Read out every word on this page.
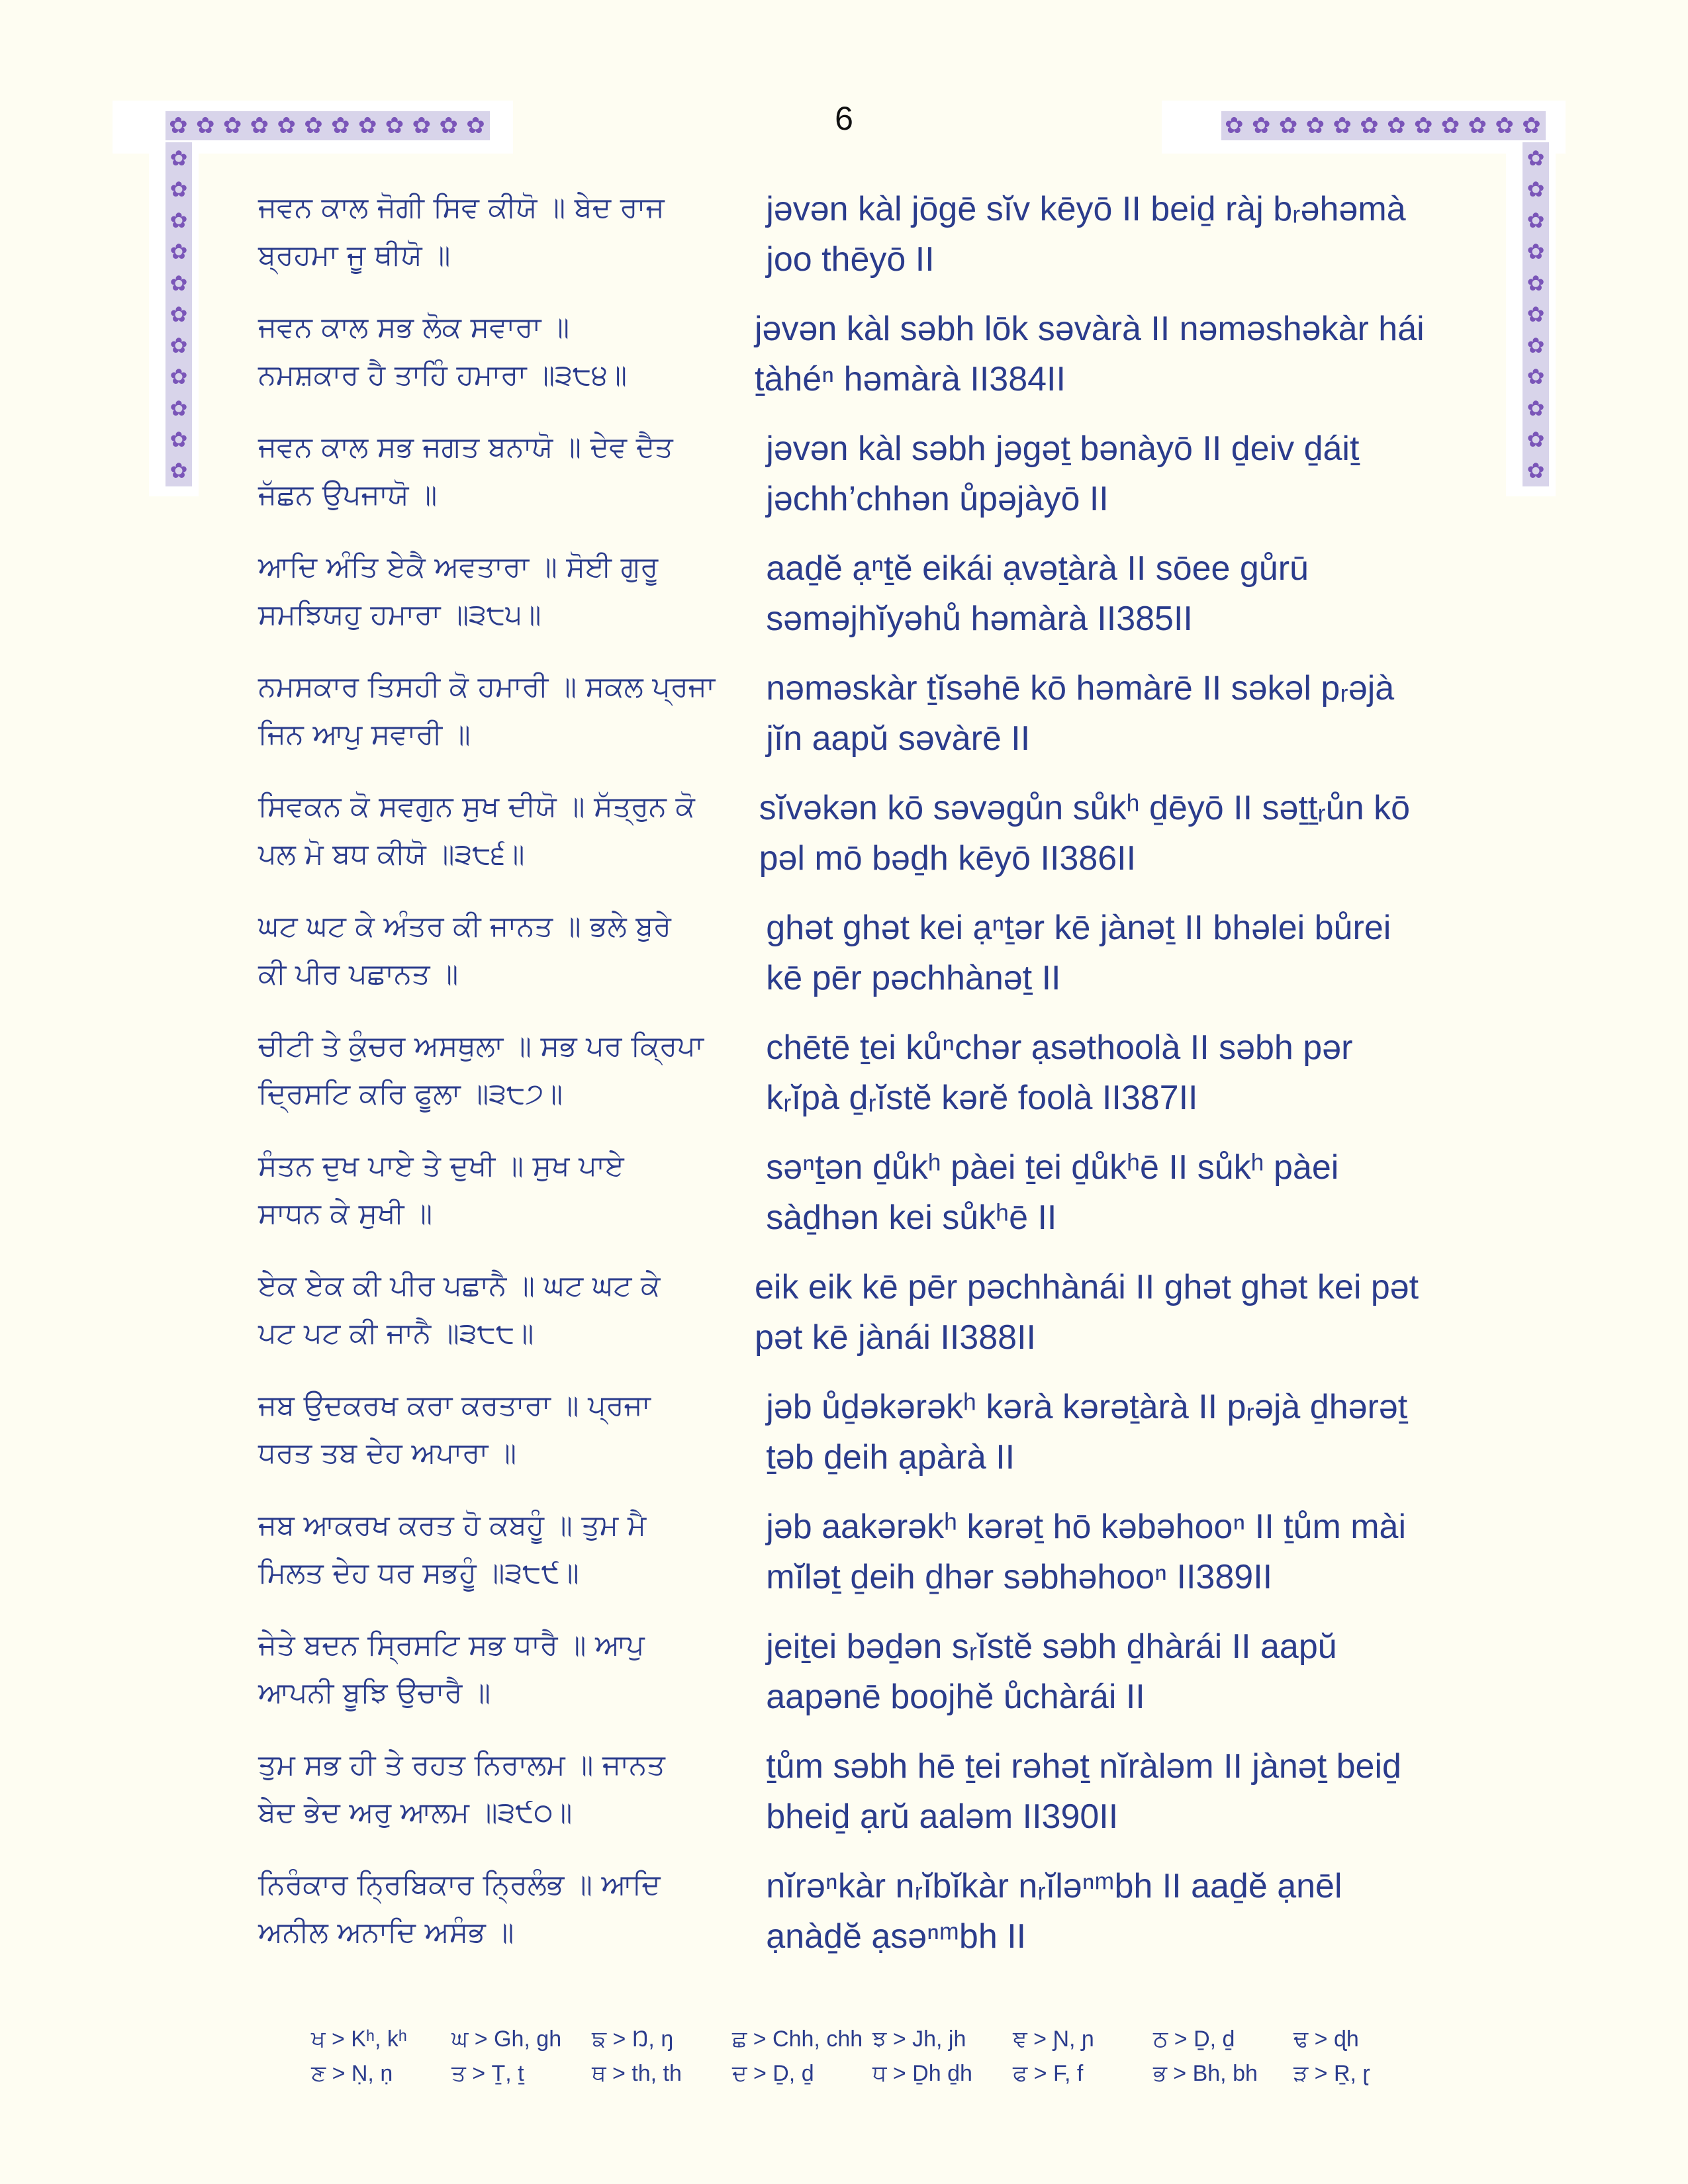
✿ ✿ ✿ ✿ ✿ ✿ ✿ ✿ ✿ ✿ ✿ ✿
✿
✿
✿
✿
✿
✿
✿
✿
✿
✿
✿
✿ ✿ ✿ ✿ ✿ ✿ ✿ ✿ ✿ ✿ ✿ ✿
✿
✿
✿
✿
✿
✿
✿
✿
✿
✿
✿
6
ਜਵਨ ਕਾਲ ਜੋਗੀ ਸਿਵ ਕੀਯੋ ॥ ਬੇਦ ਰਾਜ
ਬ੍ਰਹਮਾ ਜੂ ਥੀਯੋ ॥
jəvən kàl jōgē sĭv kēyō II beiḏ ràj bᵣəhəmà
joo thēyō II
ਜਵਨ ਕਾਲ ਸਭ ਲੋਕ ਸਵਾਰਾ ॥
ਨਮਸ਼ਕਾਰ ਹੈ ਤਾਹਿੰ ਹਮਾਰਾ ॥੩੮੪॥
jəvən kàl səbh lōk səvàrà II nəməshəkàr hái
ṯàhéⁿ həmàrà II384II
ਜਵਨ ਕਾਲ ਸਭ ਜਗਤ ਬਨਾਯੋ ॥ ਦੇਵ ਦੈਤ
ਜੱਛਨ ਉਪਜਾਯੋ ॥
jəvən kàl səbh jəgəṯ bənàyō II ḏeiv ḏáiṯ
jəchh’chhən ůpəjàyō II
ਆਦਿ ਅੰਤਿ ਏਕੈ ਅਵਤਾਰਾ ॥ ਸੋਈ ਗੁਰੂ
ਸਮਝਿਯਹੁ ਹਮਾਰਾ ॥੩੮੫॥
aaḏĕ ạⁿṯĕ eikái ạvəṯàrà II sōee gůrū
səməjhĭyəhů həmàrà II385II
ਨਮਸਕਾਰ ਤਿਸਹੀ ਕੋ ਹਮਾਰੀ ॥ ਸਕਲ ਪ੍ਰਜਾ
ਜਿਨ ਆਪੁ ਸਵਾਰੀ ॥
nəməskàr ṯĭsəhē kō həmàrē II səkəl pᵣəjà
jĭn aapŭ səvàrē II
ਸਿਵਕਨ ਕੋ ਸਵਗੁਨ ਸੁਖ ਦੀਯੋ ॥ ਸੱਤ੍ਰੁਨ ਕੋ
ਪਲ ਮੋ ਬਧ ਕੀਯੋ ॥੩੮੬॥
sĭvəkən kō səvəgůn sůkʰ ḏēyō II səṯṯᵣůn kō
pəl mō bəḏh kēyō II386II
ਘਟ ਘਟ ਕੇ ਅੰਤਰ ਕੀ ਜਾਨਤ ॥ ਭਲੇ ਬੁਰੇ
ਕੀ ਪੀਰ ਪਛਾਨਤ ॥
ghət ghət kei ạⁿṯər kē jànəṯ II bhəlei bůrei
kē pēr pəchhànəṯ II
ਚੀਟੀ ਤੇ ਕੁੰਚਰ ਅਸਥੁਲਾ ॥ ਸਭ ਪਰ ਕ੍ਰਿਪਾ
ਦ੍ਰਿਸਟਿ ਕਰਿ ਫੂਲਾ ॥੩੮੭॥
chētē ṯei kůⁿchər ạsəthoolà II səbh pər
kᵣĭpà ḏᵣĭstĕ kərĕ foolà II387II
ਸੰਤਨ ਦੁਖ ਪਾਏ ਤੇ ਦੁਖੀ ॥ ਸੁਖ ਪਾਏ
ਸਾਧਨ ਕੇ ਸੁਖੀ ॥
səⁿṯən ḏůkʰ pàei ṯei ḏůkʰē II sůkʰ pàei
sàḏhən kei sůkʰē II
ਏਕ ਏਕ ਕੀ ਪੀਰ ਪਛਾਨੈ ॥ ਘਟ ਘਟ ਕੇ
ਪਟ ਪਟ ਕੀ ਜਾਨੈ ॥੩੮੮॥
eik eik kē pēr pəchhànái II ghət ghət kei pət
pət kē jànái II388II
ਜਬ ਉਦਕਰਖ ਕਰਾ ਕਰਤਾਰਾ ॥ ਪ੍ਰਜਾ
ਧਰਤ ਤਬ ਦੇਹ ਅਪਾਰਾ ॥
jəb ůḏəkərəkʰ kərà kərəṯàrà II pᵣəjà ḏhərəṯ
ṯəb ḏeih ạpàrà II
ਜਬ ਆਕਰਖ ਕਰਤ ਹੋ ਕਬਹੂੰ ॥ ਤੁਮ ਮੈ
ਮਿਲਤ ਦੇਹ ਧਰ ਸਭਹੂੰ ॥੩੮੯॥
jəb aakərəkʰ kərəṯ hō kəbəhooⁿ II ṯům mài
mĭləṯ ḏeih ḏhər səbhəhooⁿ II389II
ਜੇਤੇ ਬਦਨ ਸ੍ਰਿਸਟਿ ਸਭ ਧਾਰੈ ॥ ਆਪੁ
ਆਪਨੀ ਬੂਝਿ ਉਚਾਰੈ ॥
jeiṯei bəḏən sᵣĭstĕ səbh ḏhàrái II aapŭ
aapənē boojhĕ ůchàrái II
ਤੁਮ ਸਭ ਹੀ ਤੇ ਰਹਤ ਨਿਰਾਲਮ ॥ ਜਾਨਤ
ਬੇਦ ਭੇਦ ਅਰੁ ਆਲਮ ॥੩੯੦॥
ṯům səbh hē ṯei rəhəṯ nĭràləm II jànəṯ beiḏ
bheiḏ ạrŭ aaləm II390II
ਨਿਰੰਕਾਰ ਨ੍ਰਿਬਿਕਾਰ ਨ੍ਰਿਲੰਭ ॥ ਆਦਿ
ਅਨੀਲ ਅਨਾਦਿ ਅਸੰਭ ॥
nĭrəⁿkàr nᵣĭbĭkàr nᵣĭləⁿᵐbh II aaḏĕ ạnēl
ạnàḏĕ ạsəⁿᵐbh II
ਖ > Kʰ, kʰ	ਘ > Gh, gh	ਙ > Ŋ, ŋ	ਛ > Chh, chh ਝ > Jh, jh	ਞ > Ɲ, ɲ	ਠ > Ḏ, ḏ	ਢ > ɖh
ਣ > Ṇ, ṇ	ਤ > Ṯ, ṯ	ਥ > th, th	ਦ > Ḏ, ḏ	ਧ > Ḏh ḏh	ਫ > F, f	ਭ > Bh, bh	ੜ > Ṟ, ɽ
